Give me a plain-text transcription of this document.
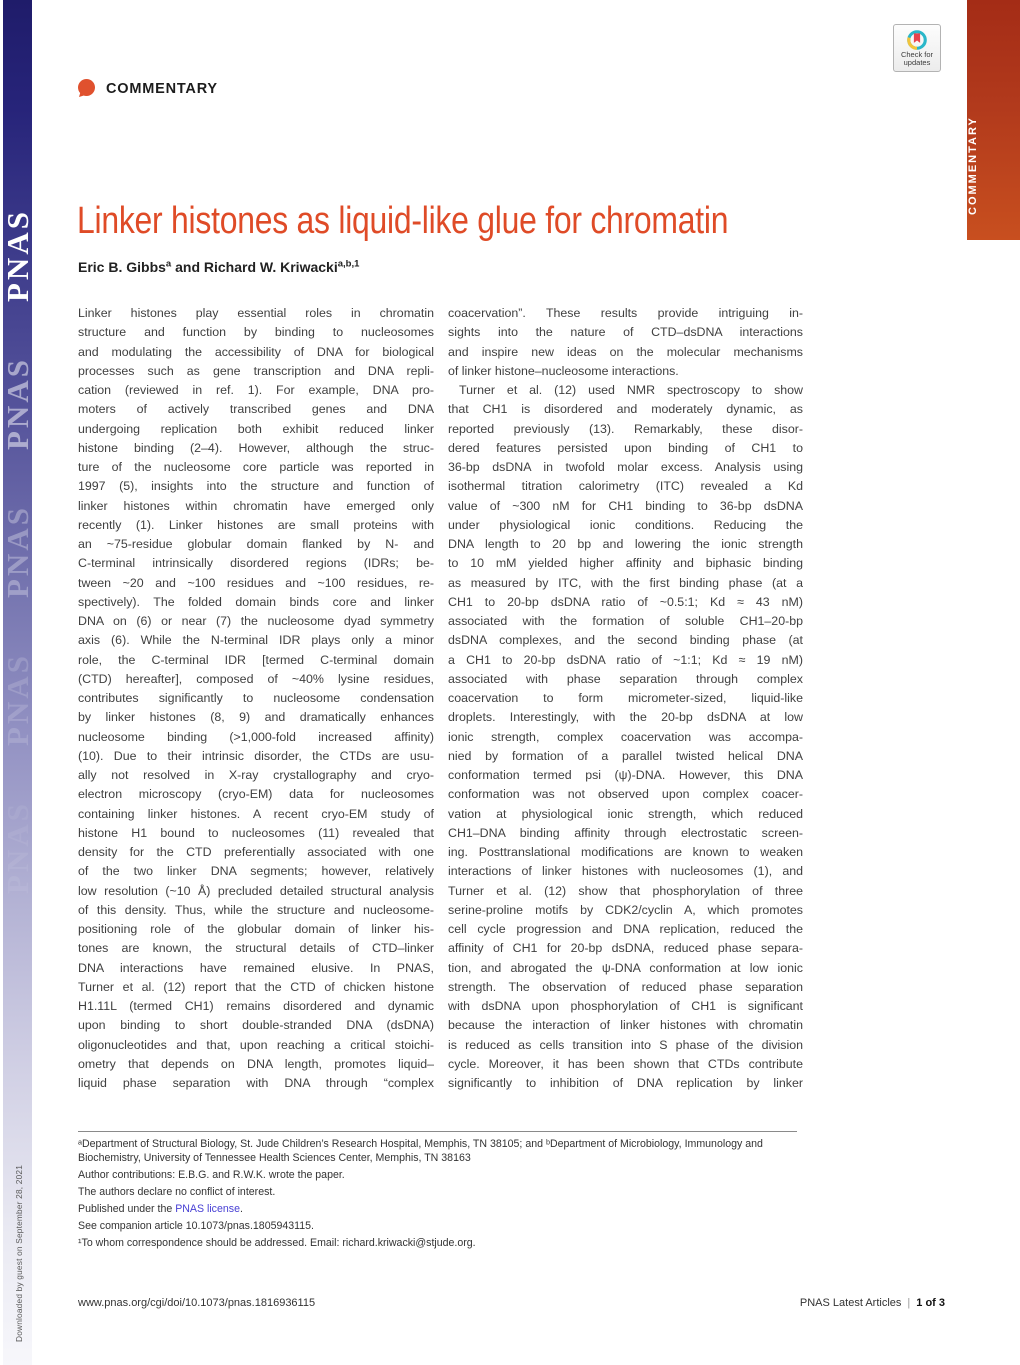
PNAS
PNAS
PNAS
PNAS
PNAS
Downloaded by guest on September 28, 2021
COMMENTARY
Check for
updates
COMMENTARY
Linker histones as liquid-like glue for chromatin
Eric B. Gibbs$^a$ and Richard W. Kriwacki$^{a,b,1}$
Linker histones play essential roles in chromatin
structure and function by binding to nucleosomes
and modulating the accessibility of DNA for biological
processes such as gene transcription and DNA repli-
cation (reviewed in ref. 1). For example, DNA pro-
moters of actively transcribed genes and DNA
undergoing replication both exhibit reduced linker
histone binding (2–4). However, although the struc-
ture of the nucleosome core particle was reported in
1997 (5), insights into the structure and function of
linker histones within chromatin have emerged only
recently (1). Linker histones are small proteins with
an ~75-residue globular domain flanked by N- and
C-terminal intrinsically disordered regions (IDRs; be-
tween ~20 and ~100 residues and ~100 residues, re-
spectively). The folded domain binds core and linker
DNA on (6) or near (7) the nucleosome dyad symmetry
axis (6). While the N-terminal IDR plays only a minor
role, the C-terminal IDR [termed C-terminal domain
(CTD) hereafter], composed of ~40% lysine residues,
contributes significantly to nucleosome condensation
by linker histones (8, 9) and dramatically enhances
nucleosome binding (>1,000-fold increased affinity)
(10). Due to their intrinsic disorder, the CTDs are usu-
ally not resolved in X-ray crystallography and cryo-
electron microscopy (cryo-EM) data for nucleosomes
containing linker histones. A recent cryo-EM study of
histone H1 bound to nucleosomes (11) revealed that
density for the CTD preferentially associated with one
of the two linker DNA segments; however, relatively
low resolution (~10 Å) precluded detailed structural analysis
of this density. Thus, while the structure and nucleosome-
positioning role of the globular domain of linker his-
tones are known, the structural details of CTD–linker
DNA interactions have remained elusive. In PNAS,
Turner et al. (12) report that the CTD of chicken histone
H1.11L (termed CH1) remains disordered and dynamic
upon binding to short double-stranded DNA (dsDNA)
oligonucleotides and that, upon reaching a critical stoichi-
ometry that depends on DNA length, promotes liquid–
liquid phase separation with DNA through “complex
coacervation”. These results provide intriguing in-
sights into the nature of CTD–dsDNA interactions
and inspire new ideas on the molecular mechanisms
of linker histone–nucleosome interactions.
Turner et al. (12) used NMR spectroscopy to show
that CH1 is disordered and moderately dynamic, as
reported previously (13). Remarkably, these disor-
dered features persisted upon binding of CH1 to
36-bp dsDNA in twofold molar excess. Analysis using
isothermal titration calorimetry (ITC) revealed a Kd
value of ~300 nM for CH1 binding to 36-bp dsDNA
under physiological ionic conditions. Reducing the
DNA length to 20 bp and lowering the ionic strength
to 10 mM yielded higher affinity and biphasic binding
as measured by ITC, with the first binding phase (at a
CH1 to 20-bp dsDNA ratio of ~0.5:1; Kd ≈ 43 nM)
associated with the formation of soluble CH1–20-bp
dsDNA complexes, and the second binding phase (at
a CH1 to 20-bp dsDNA ratio of ~1:1; Kd ≈ 19 nM)
associated with phase separation through complex
coacervation to form micrometer-sized, liquid-like
droplets. Interestingly, with the 20-bp dsDNA at low
ionic strength, complex coacervation was accompa-
nied by formation of a parallel twisted helical DNA
conformation termed psi (ψ)-DNA. However, this DNA
conformation was not observed upon complex coacer-
vation at physiological ionic strength, which reduced
CH1–DNA binding affinity through electrostatic screen-
ing. Posttranslational modifications are known to weaken
interactions of linker histones with nucleosomes (1), and
Turner et al. (12) show that phosphorylation of three
serine-proline motifs by CDK2/cyclin A, which promotes
cell cycle progression and DNA replication, reduced the
affinity of CH1 for 20-bp dsDNA, reduced phase separa-
tion, and abrogated the ψ-DNA conformation at low ionic
strength. The observation of reduced phase separation
with dsDNA upon phosphorylation of CH1 is significant
because the interaction of linker histones with chromatin
is reduced as cells transition into S phase of the division
cycle. Moreover, it has been shown that CTDs contribute
significantly to inhibition of DNA replication by linker
ᵃDepartment of Structural Biology, St. Jude Children’s Research Hospital, Memphis, TN 38105; and ᵇDepartment of Microbiology, Immunology and Biochemistry, University of Tennessee Health Sciences Center, Memphis, TN 38163
Author contributions: E.B.G. and R.W.K. wrote the paper.
The authors declare no conflict of interest.
Published under the PNAS license.
See companion article 10.1073/pnas.1805943115.
¹To whom correspondence should be addressed. Email: richard.kriwacki@stjude.org.
www.pnas.org/cgi/doi/10.1073/pnas.1816936115	PNAS Latest Articles | 1 of 3
